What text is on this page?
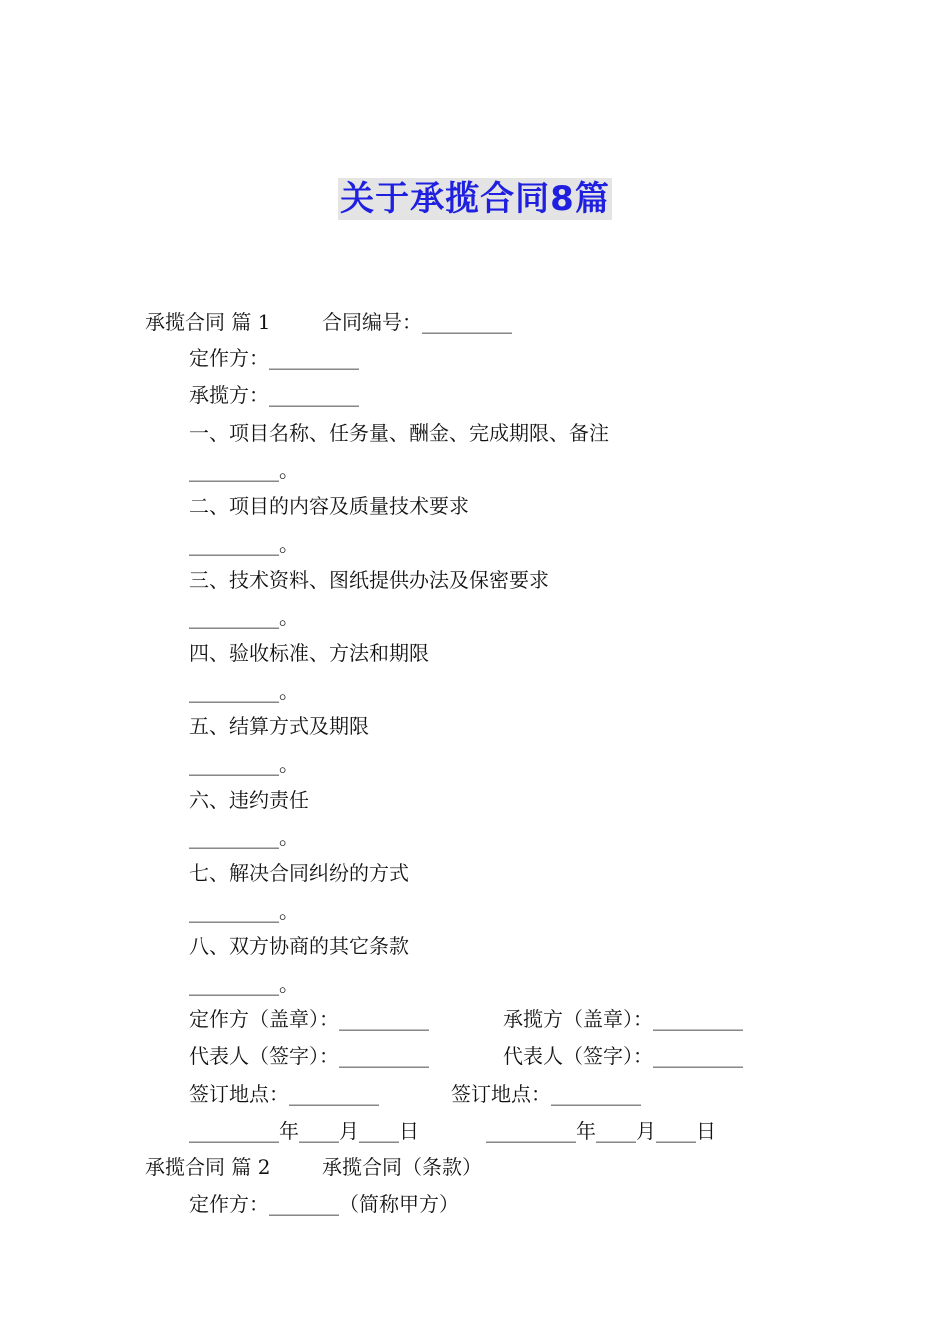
关于承揽合同8篇
承揽合同 篇 1	合同编号：_________
定作方：_________
承揽方：_________
一、项目名称、任务量、酬金、完成期限、备注
_________。
二、项目的内容及质量技术要求
_________。
三、技术资料、图纸提供办法及保密要求
_________。
四、验收标准、方法和期限
_________。
五、结算方式及期限
_________。
六、违约责任
_________。
七、解决合同纠纷的方式
_________。
八、双方协商的其它条款
_________。
定作方（盖章）：_________	承揽方（盖章）：_________
代表人（签字）：_________	代表人（签字）：_________
签订地点：_________	签订地点：_________
_________年____月____日	_________年____月____日
承揽合同 篇 2	承揽合同（条款）
定作方：_______（简称甲方）
